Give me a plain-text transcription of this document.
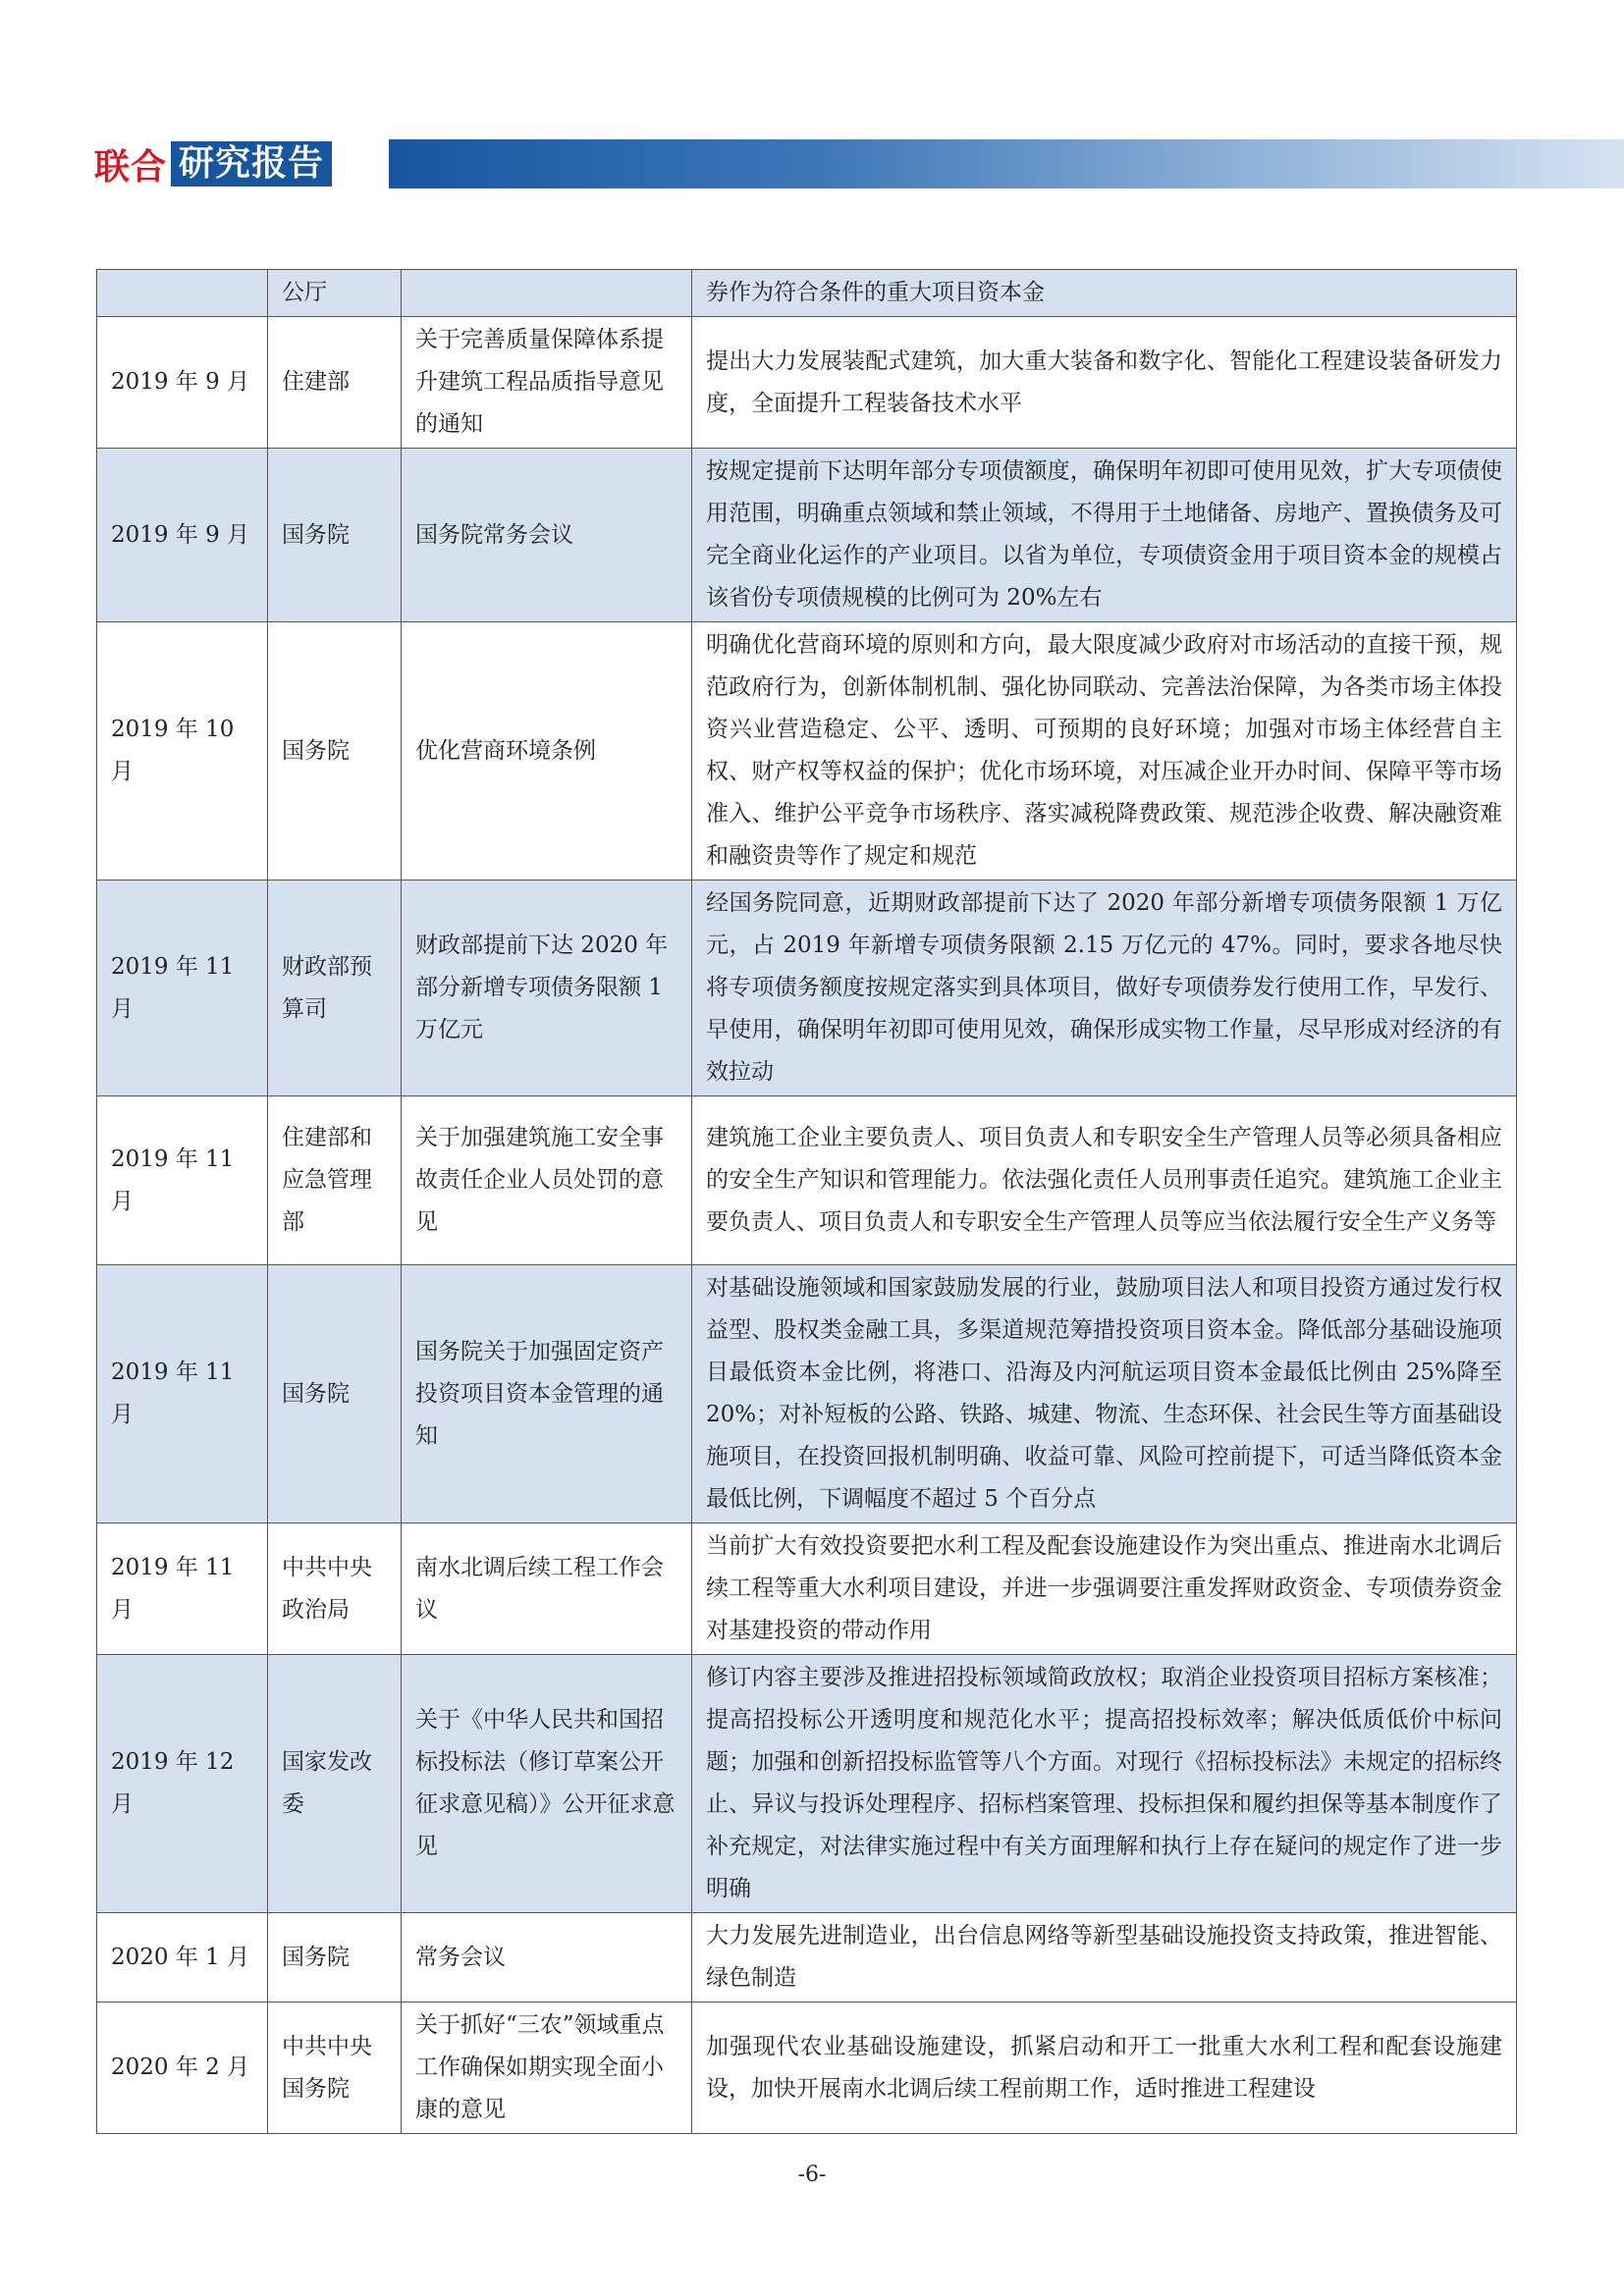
联合 研究报告
	公厅		券作为符合条件的重大项目资本金
2019 年 9 月	住建部	关于完善质量保障体系提升建筑工程品质指导意见的通知	提出大力发展装配式建筑，加大重大装备和数字化、智能化工程建设装备研发力度，全面提升工程装备技术水平
2019 年 9 月	国务院	国务院常务会议	按规定提前下达明年部分专项债额度，确保明年初即可使用见效，扩大专项债使用范围，明确重点领域和禁止领域，不得用于土地储备、房地产、置换债务及可完全商业化运作的产业项目。以省为单位，专项债资金用于项目资本金的规模占该省份专项债规模的比例可为 20%左右
2019 年 10 月	国务院	优化营商环境条例	明确优化营商环境的原则和方向，最大限度减少政府对市场活动的直接干预，规范政府行为，创新体制机制、强化协同联动、完善法治保障，为各类市场主体投资兴业营造稳定、公平、透明、可预期的良好环境；加强对市场主体经营自主权、财产权等权益的保护；优化市场环境，对压减企业开办时间、保障平等市场准入、维护公平竞争市场秩序、落实减税降费政策、规范涉企收费、解决融资难和融资贵等作了规定和规范
2019 年 11 月	财政部预算司	财政部提前下达 2020 年部分新增专项债务限额 1 万亿元	经国务院同意，近期财政部提前下达了 2020 年部分新增专项债务限额 1 万亿元，占 2019 年新增专项债务限额 2.15 万亿元的 47%。同时，要求各地尽快将专项债务额度按规定落实到具体项目，做好专项债券发行使用工作，早发行、早使用，确保明年初即可使用见效，确保形成实物工作量，尽早形成对经济的有效拉动
2019 年 11 月	住建部和应急管理部	关于加强建筑施工安全事故责任企业人员处罚的意见	建筑施工企业主要负责人、项目负责人和专职安全生产管理人员等必须具备相应的安全生产知识和管理能力。依法强化责任人员刑事责任追究。建筑施工企业主要负责人、项目负责人和专职安全生产管理人员等应当依法履行安全生产义务等
2019 年 11 月	国务院	国务院关于加强固定资产投资项目资本金管理的通知	对基础设施领域和国家鼓励发展的行业，鼓励项目法人和项目投资方通过发行权益型、股权类金融工具，多渠道规范筹措投资项目资本金。降低部分基础设施项目最低资本金比例，将港口、沿海及内河航运项目资本金最低比例由 25%降至 20%；对补短板的公路、铁路、城建、物流、生态环保、社会民生等方面基础设施项目，在投资回报机制明确、收益可靠、风险可控前提下，可适当降低资本金最低比例，下调幅度不超过 5 个百分点
2019 年 11 月	中共中央政治局	南水北调后续工程工作会议	当前扩大有效投资要把水利工程及配套设施建设作为突出重点、推进南水北调后续工程等重大水利项目建设，并进一步强调要注重发挥财政资金、专项债券资金对基建投资的带动作用
2019 年 12 月	国家发改委	关于《中华人民共和国招标投标法（修订草案公开征求意见稿）》公开征求意见	修订内容主要涉及推进招投标领域简政放权；取消企业投资项目招标方案核准；提高招投标公开透明度和规范化水平；提高招投标效率；解决低质低价中标问题；加强和创新招投标监管等八个方面。对现行《招标投标法》未规定的招标终止、异议与投诉处理程序、招标档案管理、投标担保和履约担保等基本制度作了补充规定，对法律实施过程中有关方面理解和执行上存在疑问的规定作了进一步明确
2020 年 1 月	国务院	常务会议	大力发展先进制造业，出台信息网络等新型基础设施投资支持政策，推进智能、绿色制造
2020 年 2 月	中共中央国务院	关于抓好“三农”领域重点工作确保如期实现全面小康的意见	加强现代农业基础设施建设，抓紧启动和开工一批重大水利工程和配套设施建设，加快开展南水北调后续工程前期工作，适时推进工程建设
-6-
